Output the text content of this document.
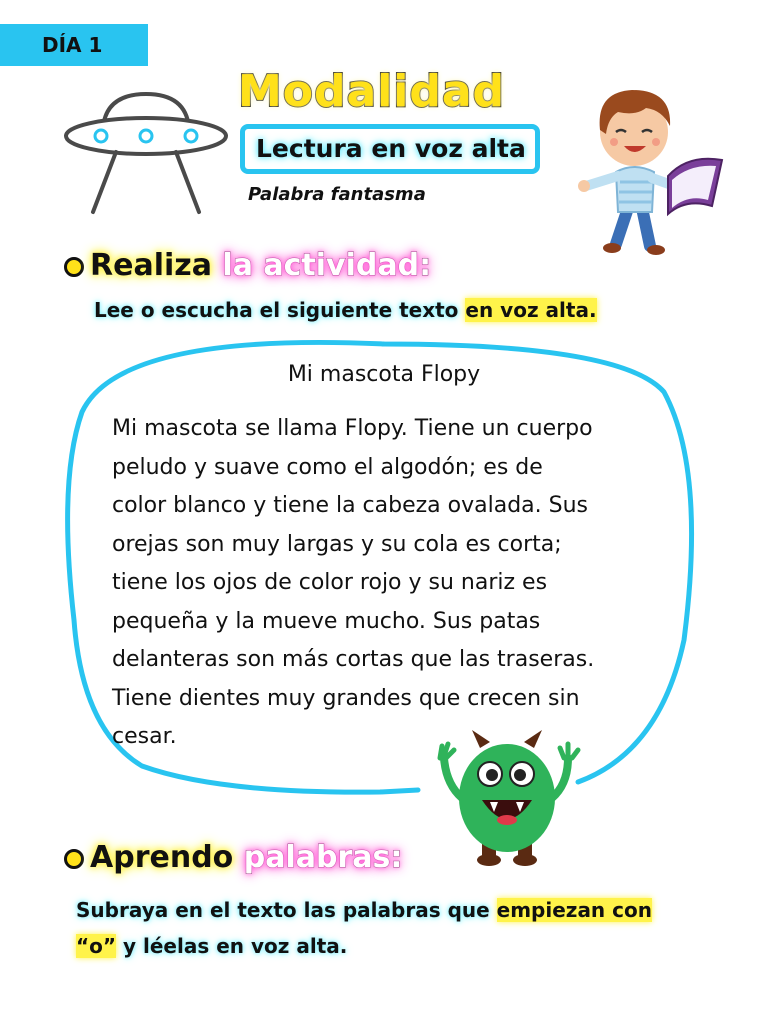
DÍA 1
Modalidad
Lectura en voz alta
Palabra fantasma
Realiza la actividad:
Lee o escucha el siguiente texto en voz alta.
Mi mascota Flopy
Mi mascota se llama Flopy. Tiene un cuerpo
peludo y suave como el algodón; es de
color blanco y tiene la cabeza ovalada. Sus
orejas son muy largas y su cola es corta;
tiene los ojos de color rojo y su nariz es
pequeña y la mueve mucho. Sus patas
delanteras son más cortas que las traseras.
Tiene dientes muy grandes que crecen sin
cesar.
Aprendo palabras:
Subraya en el texto las palabras que empiezan con
“o” y léelas en voz alta.
